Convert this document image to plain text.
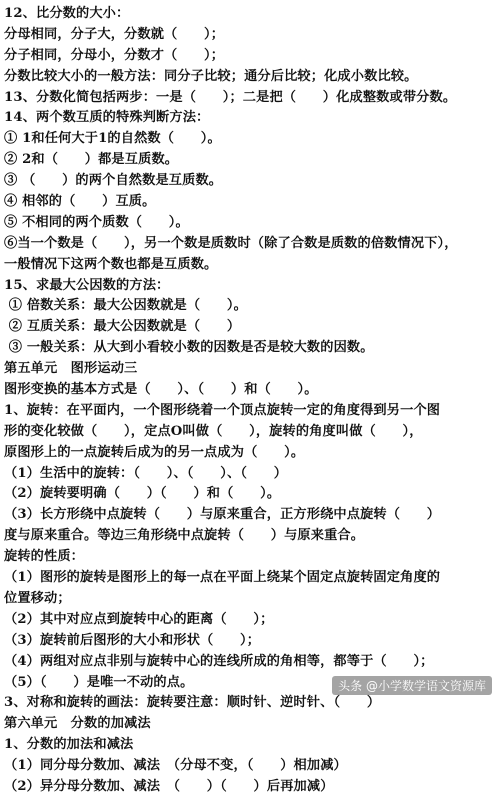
12、比分数的大小：
分母相同，分子大，分数就（　　）；
分子相同，分母小，分数才（　　）；
分数比较大小的一般方法：同分子比较；通分后比较；化成小数比较。
13、分数化简包括两步：一是（　　）；二是把（　　）化成整数或带分数。
14、两个数互质的特殊判断方法：
① 1和任何大于1的自然数（　　）。
② 2和（　　）都是互质数。
③ （　　）的两个自然数是互质数。
④ 相邻的（　　）互质。
⑤ 不相同的两个质数（　　）。
⑥当一个数是（　　），另一个数是质数时（除了合数是质数的倍数情况下），
一般情况下这两个数也都是互质数。
15、求最大公因数的方法：
① 倍数关系：最大公因数就是（　　）。
② 互质关系：最大公因数就是（　　）
③ 一般关系：从大到小看较小数的因数是否是较大数的因数。
第五单元　图形运动三
图形变换的基本方式是（　　）、（　　）和（　　）。
1、旋转：在平面内，一个图形绕着一个顶点旋转一定的角度得到另一个图
形的变化较做（　　），定点O叫做（　　），旋转的角度叫做（　　），
原图形上的一点旋转后成为的另一点成为（　　）。
（1）生活中的旋转：（　　）、（　　）、（　　）
（2）旋转要明确（　　）（　　）和（　　）。
（3）长方形绕中点旋转（　　）与原来重合，正方形绕中点旋转（　　）
度与原来重合。等边三角形绕中点旋转（　　）与原来重合。
旋转的性质：
（1）图形的旋转是图形上的每一点在平面上绕某个固定点旋转固定角度的
位置移动；
（2）其中对应点到旋转中心的距离（　　）；
（3）旋转前后图形的大小和形状（　　）；
（4）两组对应点非别与旋转中心的连线所成的角相等，都等于（　　）；
（5）（　　）是唯一不动的点。
3、对称和旋转的画法：旋转要注意：顺时针、逆时针、（　　）
第六单元　分数的加减法
1、分数的加法和减法
（1）同分母分数加、减法　（分母不变，（　　）相加减）
（2）异分母分数加、减法　（　　）（　　）后再加减）
头条 @小学数学语文资源库
